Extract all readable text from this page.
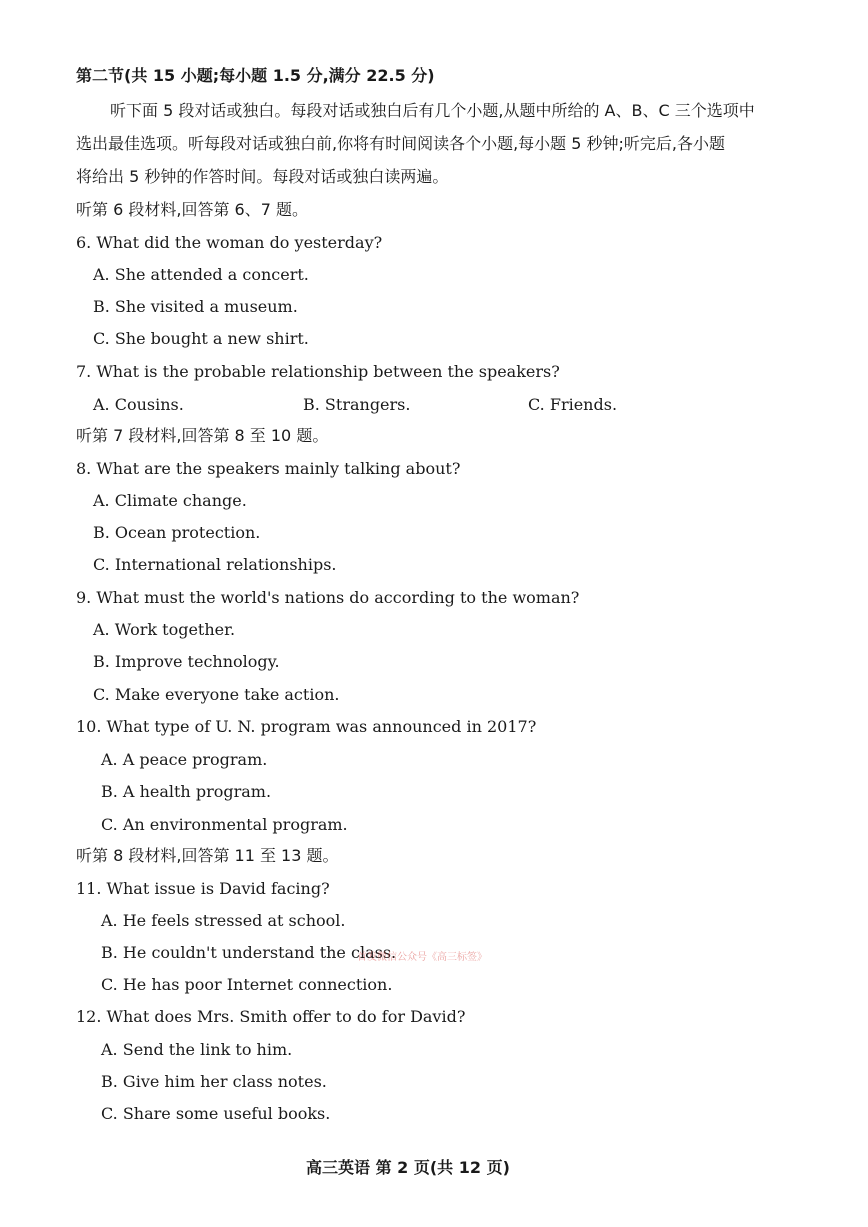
第二节(共 15 小题;每小题 1.5 分,满分 22.5 分)
听下面 5 段对话或独白。每段对话或独白后有几个小题,从题中所给的 A、B、C 三个选项中
选出最佳选项。听每段对话或独白前,你将有时间阅读各个小题,每小题 5 秒钟;听完后,各小题
将给出 5 秒钟的作答时间。每段对话或独白读两遍。
听第 6 段材料,回答第 6、7 题。
6. What did the woman do yesterday?
A. She attended a concert.
B. She visited a museum.
C. She bought a new shirt.
7. What is the probable relationship between the speakers?
A. Cousins.	B. Strangers.	C. Friends.
听第 7 段材料,回答第 8 至 10 题。
8. What are the speakers mainly talking about?
A. Climate change.
B. Ocean protection.
C. International relationships.
9. What must the world's nations do according to the woman?
A. Work together.
B. Improve technology.
C. Make everyone take action.
10. What type of U. N. program was announced in 2017?
A. A peace program.
B. A health program.
C. An environmental program.
听第 8 段材料,回答第 11 至 13 题。
11. What issue is David facing?
A. He feels stressed at school.
B. He couldn't understand the class.
首发微信公众号《高三标签》
C. He has poor Internet connection.
12. What does Mrs. Smith offer to do for David?
A. Send the link to him.
B. Give him her class notes.
C. Share some useful books.
高三英语 第 2 页(共 12 页)
